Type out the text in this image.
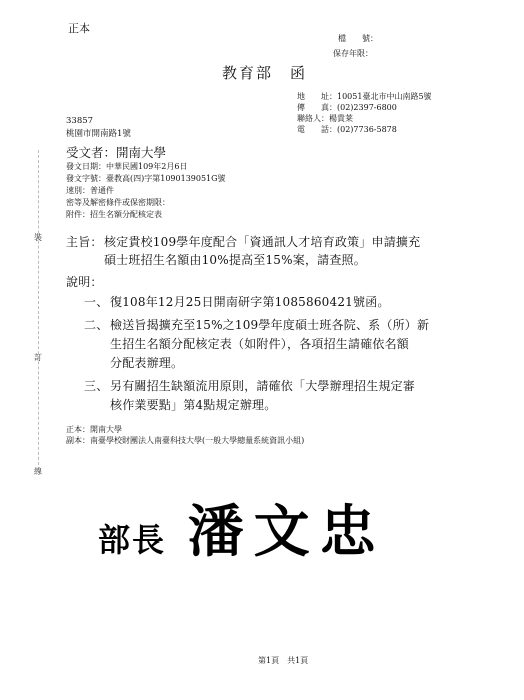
裝
訂
線
正本
檔　　號：
保存年限：
教育部　函
地　　址：10051臺北市中山南路5號
傳　　真：(02)2397-6800
聯絡人：楊貴莱
電　　話：(02)7736-5878
33857
桃園市開南路1號
受文者：開南大學
發文日期：中華民國109年2月6日
發文字號：臺教高(四)字第1090139051G號
速別：普通件
密等及解密條件或保密期限：
附件：招生名額分配核定表
主旨： 核定貴校109學年度配合「資通訊人才培育政策」申請擴充
碩士班招生名額由10%提高至15%案，請查照。
說明：
一、 復108年12月25日開南研字第1085860421號函。
二、 檢送旨揭擴充至15%之109學年度碩士班各院、系（所）新
生招生名額分配核定表（如附件），各項招生請確依名額
分配表辦理。
三、 另有關招生缺額流用原則，請確依「大學辦理招生規定審
核作業要點」第4點規定辦理。
正本：開南大學
副本：南臺學校財團法人南臺科技大學(一般大學總量系統資訊小組)
部長 潘文忠
第1頁　共1頁
